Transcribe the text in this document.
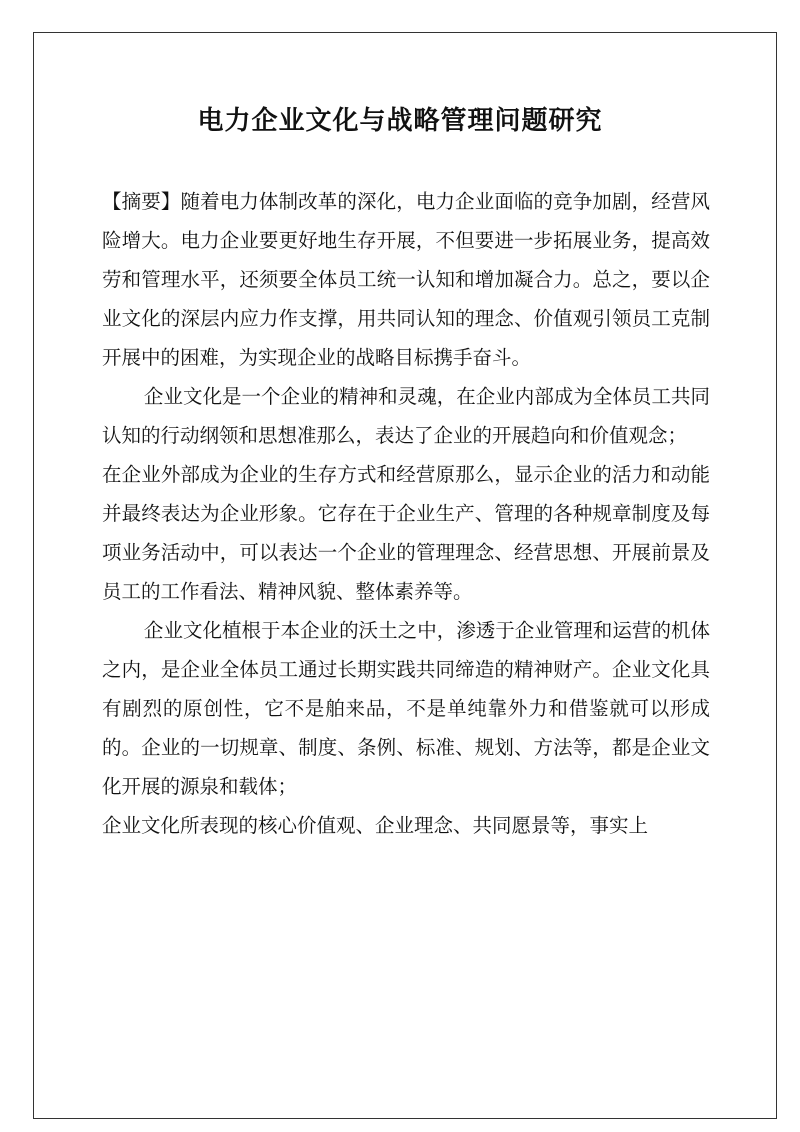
电力企业文化与战略管理问题研究

【摘要】随着电力体制改革的深化，电力企业面临的竞争加剧，经营风险增大。电力企业要更好地生存开展，不但要进一步拓展业务，提高效劳和管理水平，还须要全体员工统一认知和增加凝合力。总之，要以企业文化的深层内应力作支撑，用共同认知的理念、价值观引领员工克制开展中的困难，为实现企业的战略目标携手奋斗。

企业文化是一个企业的精神和灵魂，在企业内部成为全体员工共同认知的行动纲领和思想准那么，表达了企业的开展趋向和价值观念；

在企业外部成为企业的生存方式和经营原那么，显示企业的活力和动能并最终表达为企业形象。它存在于企业生产、管理的各种规章制度及每项业务活动中，可以表达一个企业的管理理念、经营思想、开展前景及员工的工作看法、精神风貌、整体素养等。

企业文化植根于本企业的沃土之中，渗透于企业管理和运营的机体之内，是企业全体员工通过长期实践共同缔造的精神财产。企业文化具有剧烈的原创性，它不是舶来品，不是单纯靠外力和借鉴就可以形成的。企业的一切规章、制度、条例、标准、规划、方法等，都是企业文化开展的源泉和载体；

企业文化所表现的核心价值观、企业理念、共同愿景等，事实上
